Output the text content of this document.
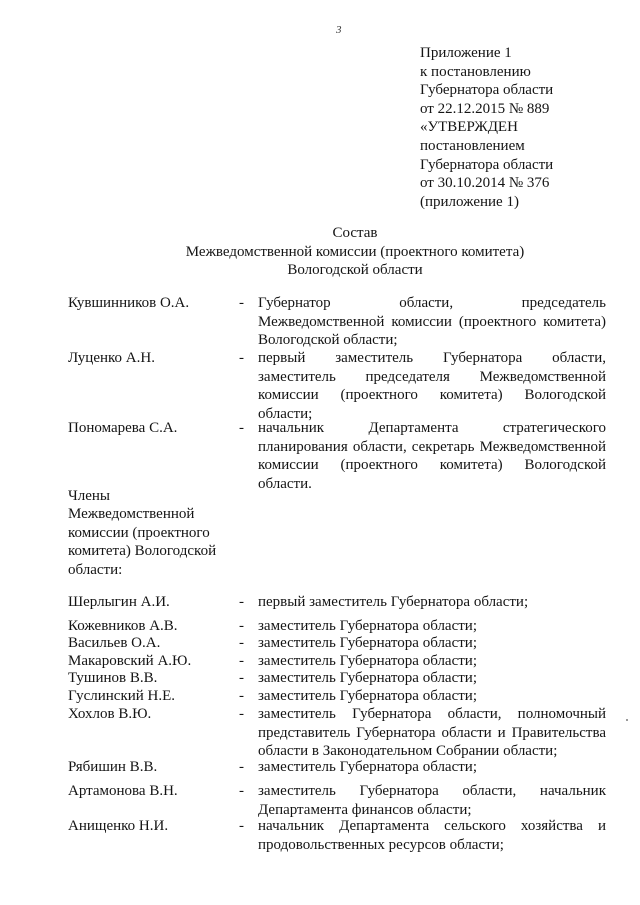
3
Приложение 1
к постановлению
Губернатора области
от 22.12.2015 № 889
«УТВЕРЖДЕН
постановлением
Губернатора области
от 30.10.2014 № 376
(приложение 1)
Состав
Межведомственной комиссии (проектного комитета)
Вологодской области
Кувшинников О.А.	- Губернатор области, председатель Межведомственной комиссии (проектного комитета) Вологодской области;
Луценко А.Н.	- первый заместитель Губернатора области, заместитель председателя Межведомственной комиссии (проектного комитета) Вологодской области;
Пономарева С.А.	- начальник Департамента стратегического планирования области, секретарь Межведомственной комиссии (проектного комитета) Вологодской области.
Члены
Межведомственной
комиссии (проектного
комитета) Вологодской
области:
Шерлыгин А.И.	- первый заместитель Губернатора области;
Кожевников А.В.	- заместитель Губернатора области;
Васильев О.А.	- заместитель Губернатора области;
Макаровский А.Ю.	- заместитель Губернатора области;
Тушинов В.В.	- заместитель Губернатора области;
Гуслинский Н.Е.	- заместитель Губернатора области;
Хохлов В.Ю.	- заместитель Губернатора области, полномочный представитель Губернатора области и Правительства области в Законодательном Собрании области;
Рябишин В.В.	- заместитель Губернатора области;
Артамонова В.Н.	- заместитель Губернатора области, начальник Департамента финансов области;
Анищенко Н.И.	- начальник Департамента сельского хозяйства и продовольственных ресурсов области;
